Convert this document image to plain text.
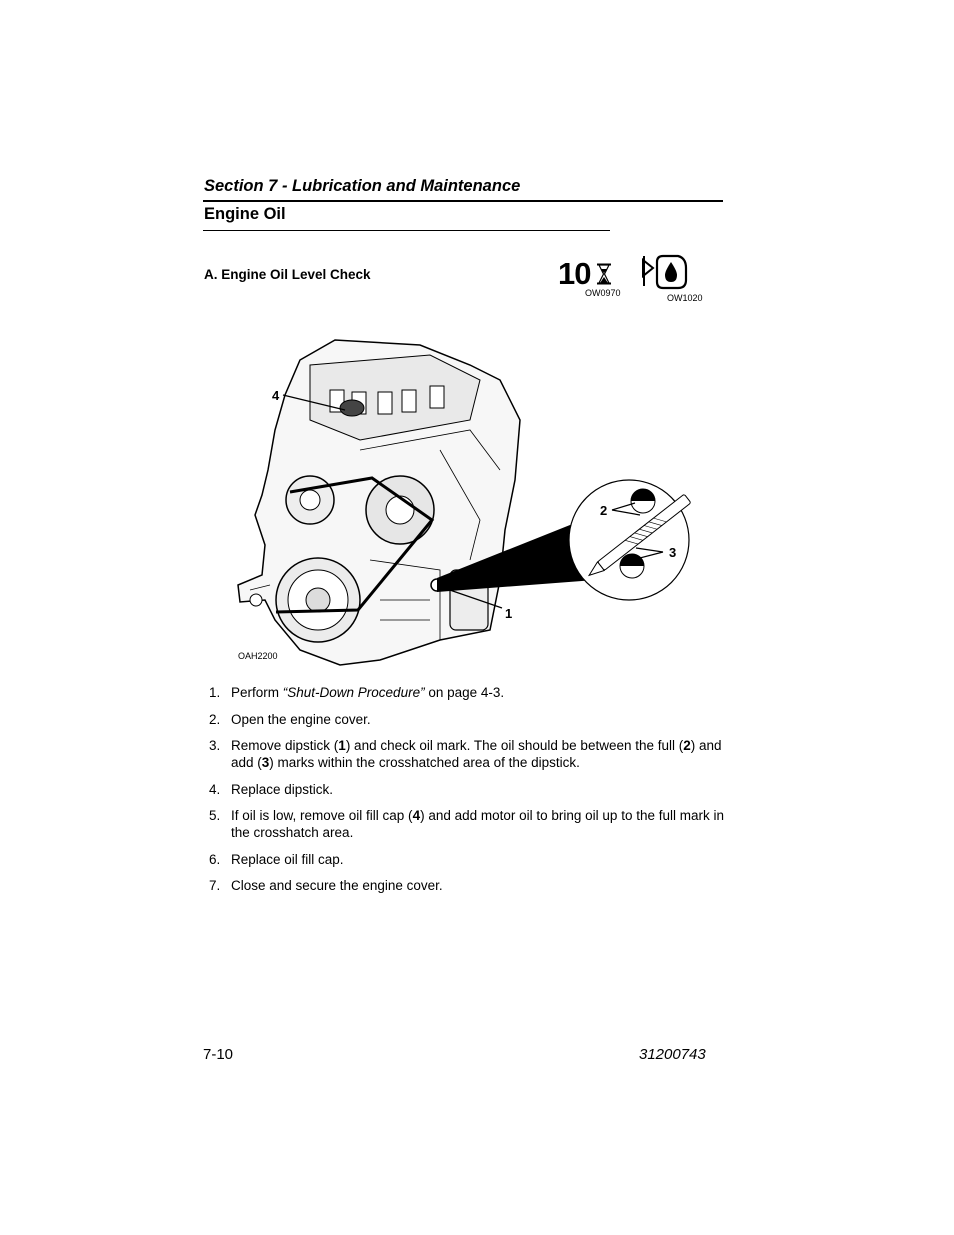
Section 7 - Lubrication and Maintenance
Engine Oil
A. Engine Oil Level Check	10
OW0970	OW1020
4
2
3
1
OAH2200
1. Perform “Shut-Down Procedure” on page 4-3.
2. Open the engine cover.
3. Remove dipstick (1) and check oil mark. The oil should be between the full (2) and add (3) marks within the crosshatched area of the dipstick.
4. Replace dipstick.
5. If oil is low, remove oil fill cap (4) and add motor oil to bring oil up to the full mark in the crosshatch area.
6. Replace oil fill cap.
7. Close and secure the engine cover.
7-10	31200743
